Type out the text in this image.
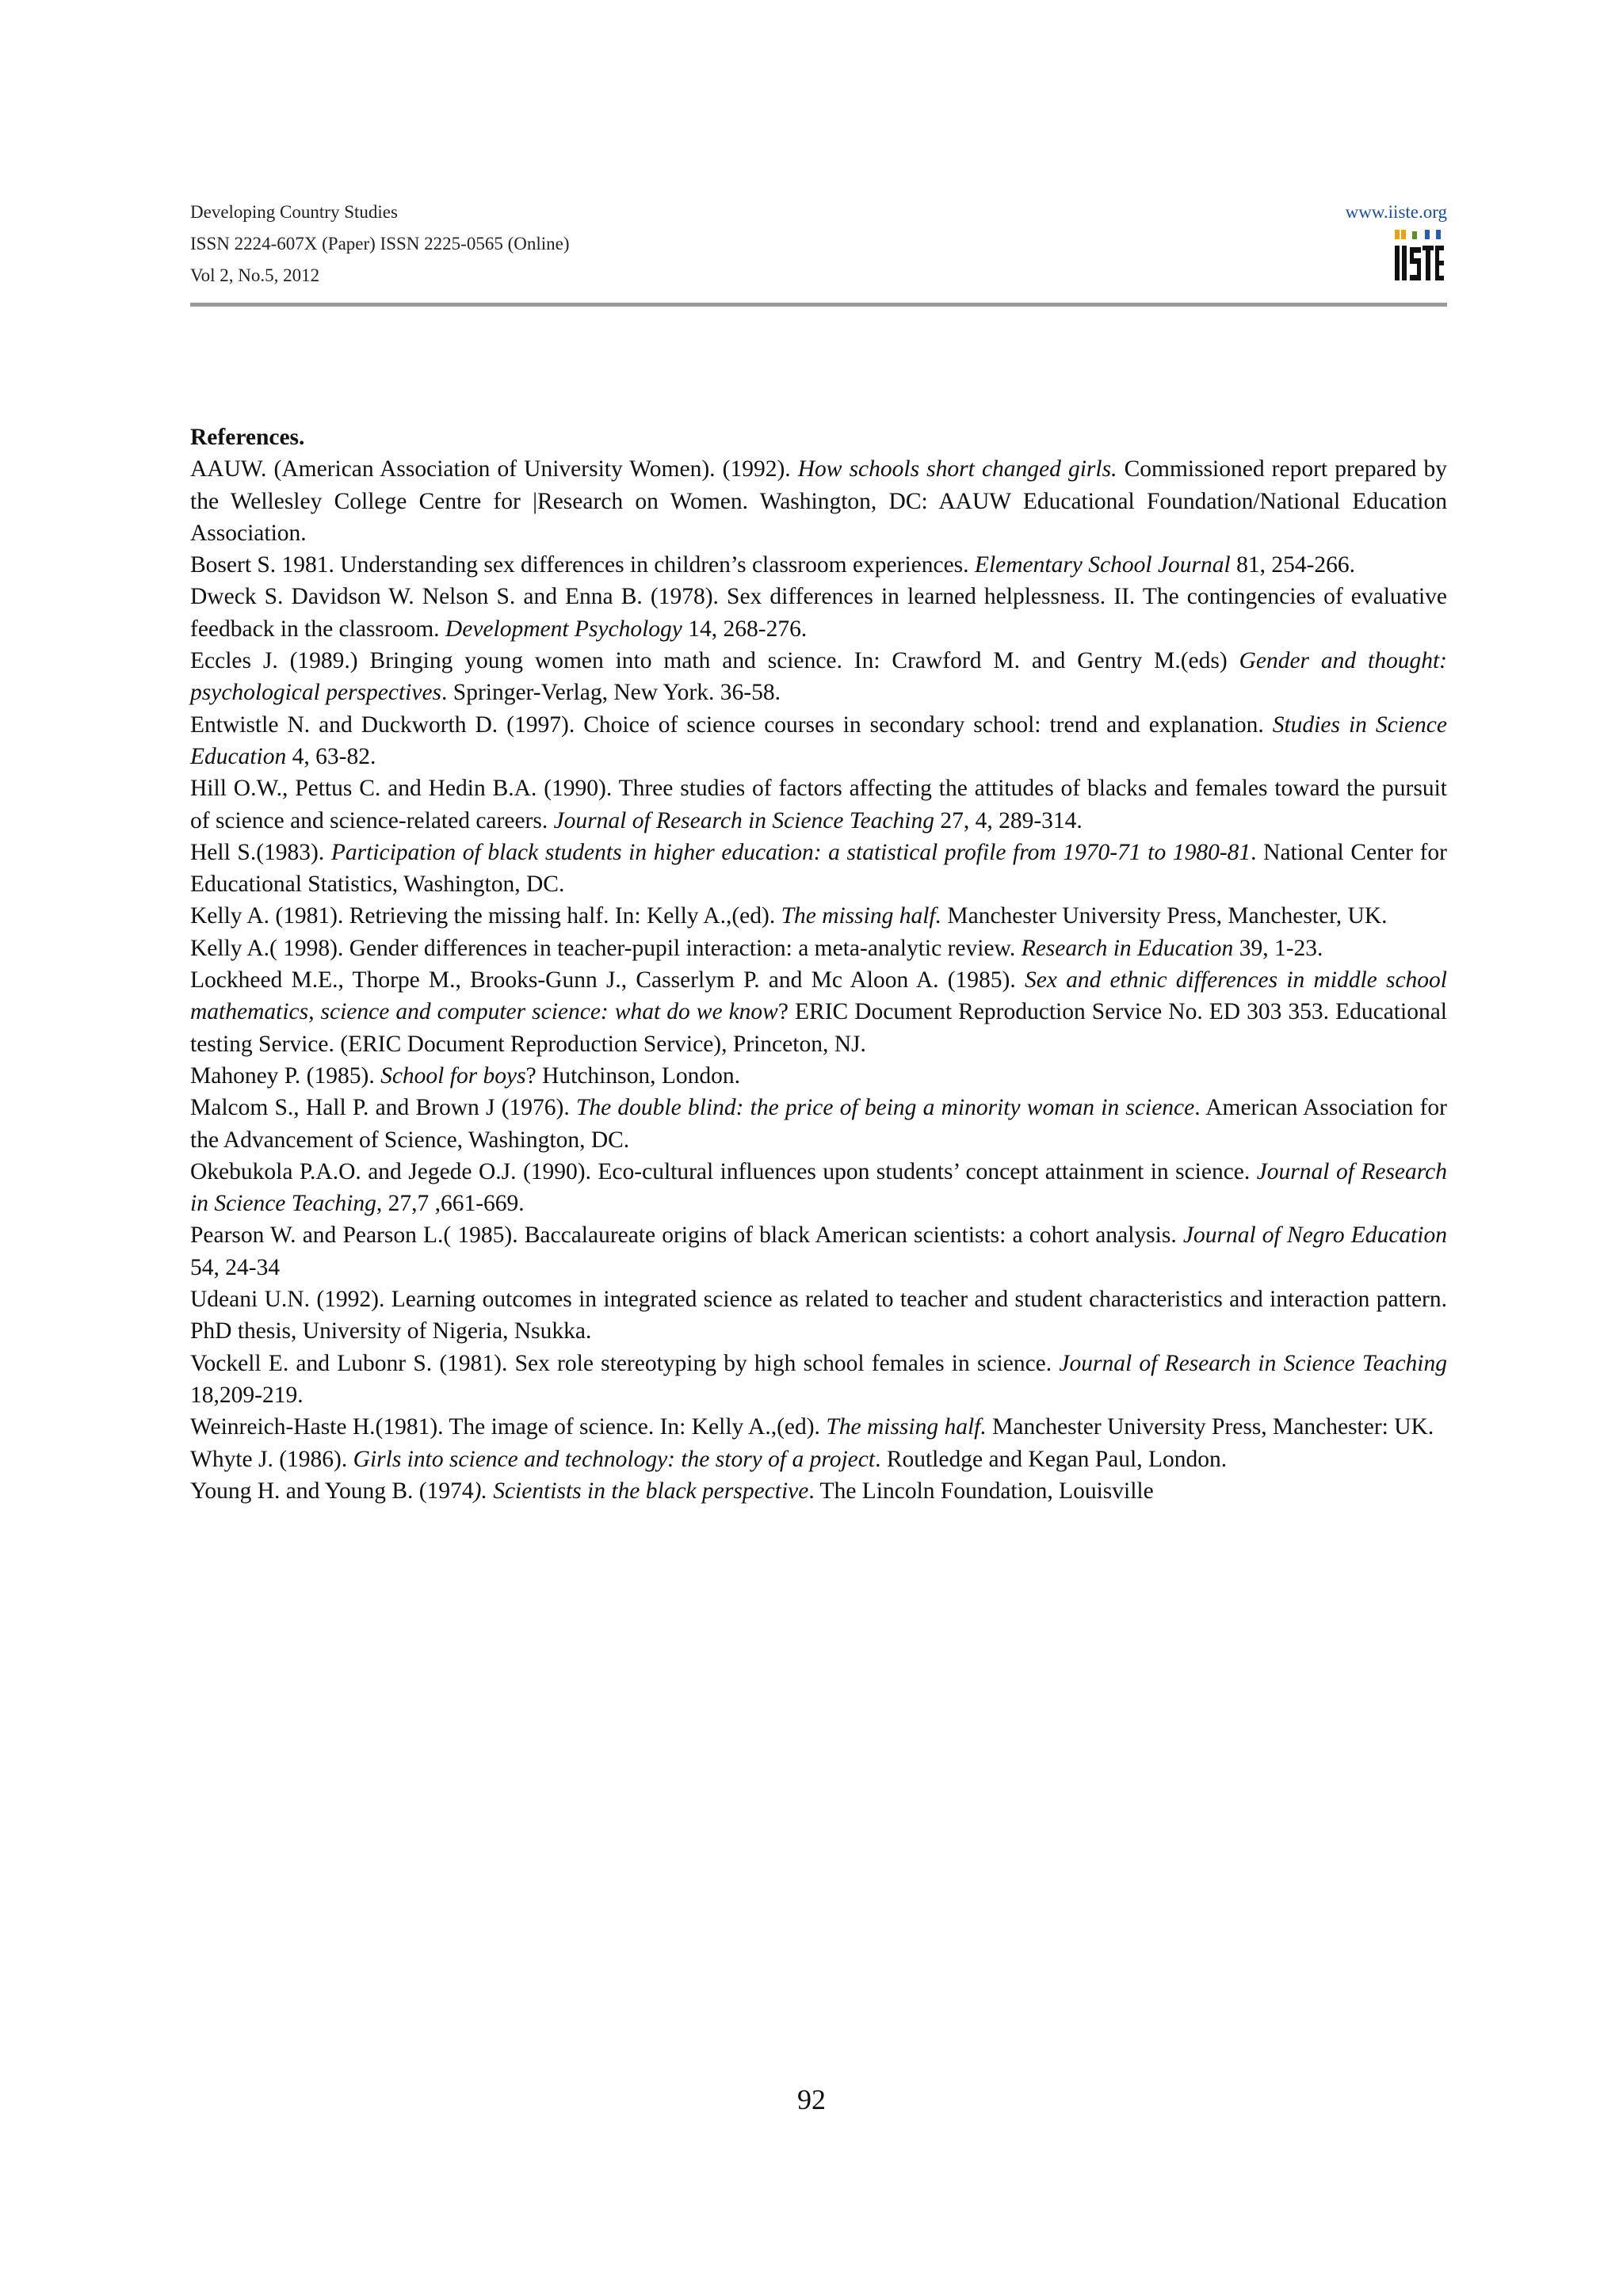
Developing Country Studies
ISSN 2224-607X (Paper) ISSN 2225-0565 (Online)
Vol 2, No.5, 2012
www.iiste.org
References.

AAUW. (American Association of University Women). (1992). How schools short changed girls. Commissioned report prepared by the Wellesley College Centre for |Research on Women. Washington, DC: AAUW Educational Foundation/National Education Association.

Bosert S. 1981. Understanding sex differences in children’s classroom experiences. Elementary School Journal 81, 254-266.

Dweck S. Davidson W. Nelson S. and Enna B. (1978). Sex differences in learned helplessness. II. The contingencies of evaluative feedback in the classroom. Development Psychology 14, 268-276.

Eccles J. (1989.) Bringing young women into math and science. In: Crawford M. and Gentry M.(eds) Gender and thought: psychological perspectives. Springer-Verlag, New York. 36-58.

Entwistle N. and Duckworth D. (1997). Choice of science courses in secondary school: trend and explanation. Studies in Science Education 4, 63-82.

Hill O.W., Pettus C. and Hedin B.A. (1990). Three studies of factors affecting the attitudes of blacks and females toward the pursuit of science and science-related careers. Journal of Research in Science Teaching 27, 4, 289-314.

Hell S.(1983). Participation of black students in higher education: a statistical profile from 1970-71 to 1980-81. National Center for Educational Statistics, Washington, DC.

Kelly A. (1981). Retrieving the missing half. In: Kelly A.,(ed). The missing half. Manchester University Press, Manchester, UK.

Kelly A.( 1998). Gender differences in teacher-pupil interaction: a meta-analytic review. Research in Education 39, 1-23.

Lockheed M.E., Thorpe M., Brooks-Gunn J., Casserlym P. and Mc Aloon A. (1985). Sex and ethnic differences in middle school mathematics, science and computer science: what do we know? ERIC Document Reproduction Service No. ED 303 353. Educational testing Service. (ERIC Document Reproduction Service), Princeton, NJ.

Mahoney P. (1985). School for boys? Hutchinson, London.

Malcom S., Hall P. and Brown J (1976). The double blind: the price of being a minority woman in science. American Association for the Advancement of Science, Washington, DC.

Okebukola P.A.O. and Jegede O.J. (1990). Eco-cultural influences upon students’ concept attainment in science. Journal of Research in Science Teaching, 27,7 ,661-669.

Pearson W. and Pearson L.( 1985). Baccalaureate origins of black American scientists: a cohort analysis. Journal of Negro Education 54, 24-34

Udeani U.N. (1992). Learning outcomes in integrated science as related to teacher and student characteristics and interaction pattern. PhD thesis, University of Nigeria, Nsukka.

Vockell E. and Lubonr S. (1981). Sex role stereotyping by high school females in science. Journal of Research in Science Teaching 18,209-219.

Weinreich-Haste H.(1981). The image of science. In: Kelly A.,(ed). The missing half. Manchester University Press, Manchester: UK.

Whyte J. (1986). Girls into science and technology: the story of a project. Routledge and Kegan Paul, London.

Young H. and Young B. (1974). Scientists in the black perspective. The Lincoln Foundation, Louisville

92
